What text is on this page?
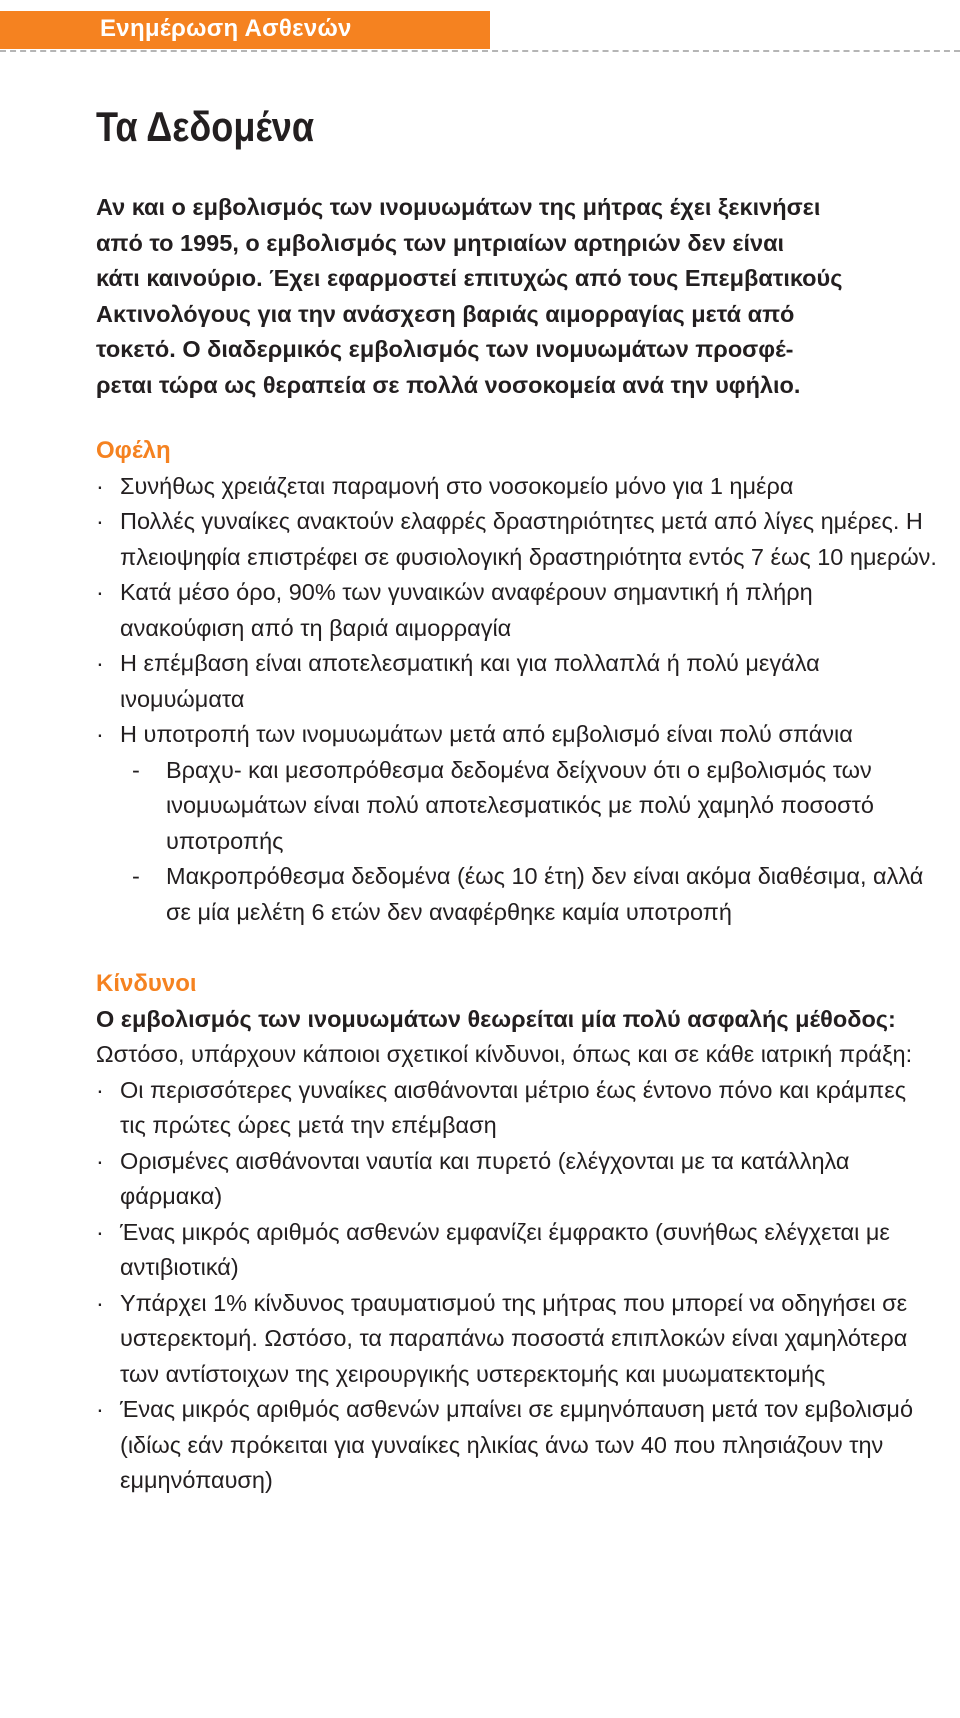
Ενημέρωση Ασθενών
Τα Δεδομένα

Αν και ο εμβολισμός των ινομυωμάτων της μήτρας έχει ξεκινήσει
από το 1995, ο εμβολισμός των μητριαίων αρτηριών δεν είναι
κάτι καινούριο. Έχει εφαρμοστεί επιτυχώς από τους Επεμβατικούς
Ακτινολόγους για την ανάσχεση βαριάς αιμορραγίας μετά από
τοκετό. Ο διαδερμικός εμβολισμός των ινομυωμάτων προσφέ-
ρεται τώρα ως θεραπεία σε πολλά νοσοκομεία ανά την υφήλιο.

Οφέλη
· Συνήθως χρειάζεται παραμονή στο νοσοκομείο μόνο για 1 ημέρα
· Πολλές γυναίκες ανακτούν ελαφρές δραστηριότητες μετά από λίγες ημέρες. Η πλειοψηφία επιστρέφει σε φυσιολογική δραστηριότητα εντός 7 έως 10 ημερών.
· Κατά μέσο όρο, 90% των γυναικών αναφέρουν σημαντική ή πλήρη ανακούφιση από τη βαριά αιμορραγία
· Η επέμβαση είναι αποτελεσματική και για πολλαπλά ή πολύ μεγάλα ινομυώματα
· Η υποτροπή των ινομυωμάτων μετά από εμβολισμό είναι πολύ σπάνια
- Βραχυ- και μεσοπρόθεσμα δεδομένα δείχνουν ότι ο εμβολισμός των ινομυωμάτων είναι πολύ αποτελεσματικός με πολύ χαμηλό ποσοστό υποτροπής
- Μακροπρόθεσμα δεδομένα (έως 10 έτη) δεν είναι ακόμα διαθέσιμα, αλλά σε μία μελέτη 6 ετών δεν αναφέρθηκε καμία υποτροπή
Κίνδυνοι

Ο εμβολισμός των ινομυωμάτων θεωρείται μία πολύ ασφαλής μέθοδος:

Ωστόσο, υπάρχουν κάποιοι σχετικοί κίνδυνοι, όπως και σε κάθε ιατρική πράξη:

· Οι περισσότερες γυναίκες αισθάνονται μέτριο έως έντονο πόνο και κράμπες τις πρώτες ώρες μετά την επέμβαση
· Ορισμένες αισθάνονται ναυτία και πυρετό (ελέγχονται με τα κατάλληλα φάρμακα)
· Ένας μικρός αριθμός ασθενών εμφανίζει έμφρακτο (συνήθως ελέγχεται με αντιβιοτικά)
· Υπάρχει 1% κίνδυνος τραυματισμού της μήτρας που μπορεί να οδηγήσει σε υστερεκτομή. Ωστόσο, τα παραπάνω ποσοστά επιπλοκών είναι χαμηλότερα των αντίστοιχων της χειρουργικής υστερεκτομής και μυωματεκτομής
· Ένας μικρός αριθμός ασθενών μπαίνει σε εμμηνόπαυση μετά τον εμβολισμό (ιδίως εάν πρόκειται για γυναίκες ηλικίας άνω των 40 που πλησιάζουν την εμμηνόπαυση)
